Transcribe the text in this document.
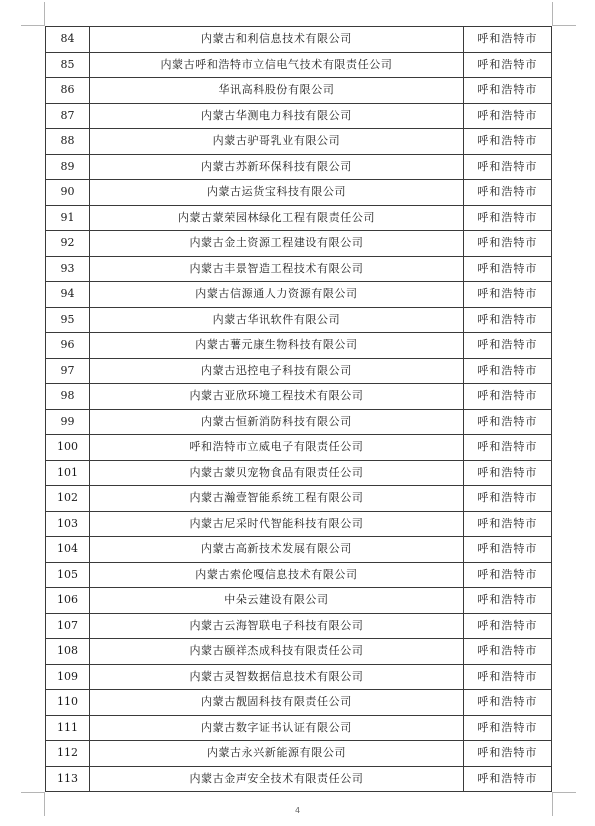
84	内蒙古和利信息技术有限公司	呼和浩特市
85	内蒙古呼和浩特市立信电气技术有限责任公司	呼和浩特市
86	华讯高科股份有限公司	呼和浩特市
87	内蒙古华测电力科技有限公司	呼和浩特市
88	内蒙古驴哥乳业有限公司	呼和浩特市
89	内蒙古苏新环保科技有限公司	呼和浩特市
90	内蒙古运货宝科技有限公司	呼和浩特市
91	内蒙古蒙荣园林绿化工程有限责任公司	呼和浩特市
92	内蒙古金土资源工程建设有限公司	呼和浩特市
93	内蒙古丰景智造工程技术有限公司	呼和浩特市
94	内蒙古信源通人力资源有限公司	呼和浩特市
95	内蒙古华讯软件有限公司	呼和浩特市
96	内蒙古薯元康生物科技有限公司	呼和浩特市
97	内蒙古迅控电子科技有限公司	呼和浩特市
98	内蒙古亚欣环境工程技术有限公司	呼和浩特市
99	内蒙古恒新消防科技有限公司	呼和浩特市
100	呼和浩特市立威电子有限责任公司	呼和浩特市
101	内蒙古蒙贝宠物食品有限责任公司	呼和浩特市
102	内蒙古瀚壹智能系统工程有限公司	呼和浩特市
103	内蒙古尼采时代智能科技有限公司	呼和浩特市
104	内蒙古高新技术发展有限公司	呼和浩特市
105	内蒙古索伦嘎信息技术有限公司	呼和浩特市
106	中朵云建设有限公司	呼和浩特市
107	内蒙古云海智联电子科技有限公司	呼和浩特市
108	内蒙古颐祥杰成科技有限责任公司	呼和浩特市
109	内蒙古灵智数据信息技术有限公司	呼和浩特市
110	内蒙古靓固科技有限责任公司	呼和浩特市
111	内蒙古数字证书认证有限公司	呼和浩特市
112	内蒙古永兴新能源有限公司	呼和浩特市
113	内蒙古金声安全技术有限责任公司	呼和浩特市
4
